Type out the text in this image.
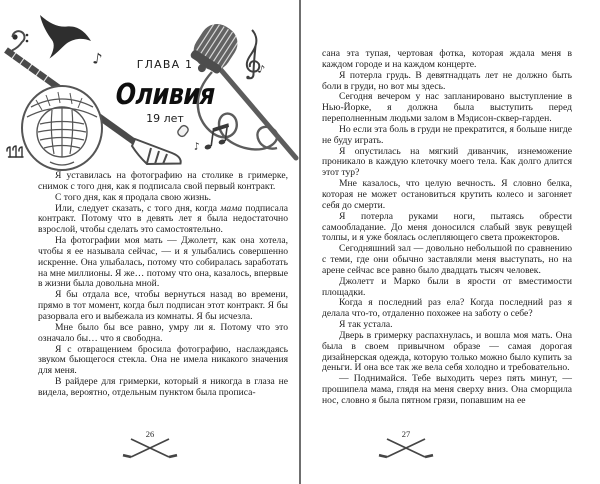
♪
♪
♪
ГЛАВА 1
Оливия
19 лет

Я уставилась на фотографию на столике в гримерке, снимок с того дня, как я подписала свой первый контракт.

С того дня, как я продала свою жизнь.

Или, следует сказать, с того дня, когда мама подписала контракт. Потому что в девять лет я была недостаточно взрослой, чтобы сделать это самостоятельно.

На фотографии моя мать — Джолетт, как она хотела, чтобы я ее называла сейчас, — и я улыбались совершенно искренне. Она улыбалась, потому что собиралась заработать на мне миллионы. Я же… потому что она, казалось, впервые в жизни была довольна мной.

Я бы отдала все, чтобы вернуться назад во времени, прямо в тот момент, когда был подписан этот контракт. Я бы разорвала его и выбежала из комнаты. Я бы исчезла.

Мне было бы все равно, умру ли я. Потому что это означало бы… что я свободна.

Я с отвращением бросила фотографию, наслаждаясь звуком бьющегося стекла. Она не имела никакого значения для меня.

В райдере для гримерки, который я никогда в глаза не видела, вероятно, отдельным пунктом была прописа-

26

сана эта тупая, чертовая фотка, которая ждала меня в каждом городе и на каждом концерте.

Я потерла грудь. В девятнадцать лет не должно быть боли в груди, но вот мы здесь.

Сегодня вечером у нас запланировано выступление в Нью-Йорке, я должна была выступить перед переполненным людьми залом в Мэдисон-сквер-гарден.

Но если эта боль в груди не прекратится, я больше нигде не буду играть.

Я опустилась на мягкий диванчик, изнеможение проникало в каждую клеточку моего тела. Как долго длится этот тур?

Мне казалось, что целую вечность. Я словно белка, которая не может остановиться крутить колесо и загоняет себя до смерти.

Я потерла руками ноги, пытаясь обрести самообладание. До меня доносился слабый звук ревущей толпы, и я уже боялась ослепляющего света прожекторов.

Сегодняшний зал — довольно небольшой по сравнению с теми, где они обычно заставляли меня выступать, но на арене сейчас все равно было двадцать тысяч человек.

Джолетт и Марко были в ярости от вместимости площадки.

Когда я последний раз ела? Когда последний раз я делала что-то, отдаленно похожее на заботу о себе?

Я так устала.

Дверь в гримерку распахнулась, и вошла моя мать. Она была в своем привычном образе — самая дорогая дизайнерская одежда, которую только можно было купить за деньги. И она все так же вела себя холодно и требовательно.

— Поднимайся. Тебе выходить через пять минут, — прошипела мама, глядя на меня сверху вниз. Она сморщила нос, словно я была пятном грязи, попавшим на ее

27
